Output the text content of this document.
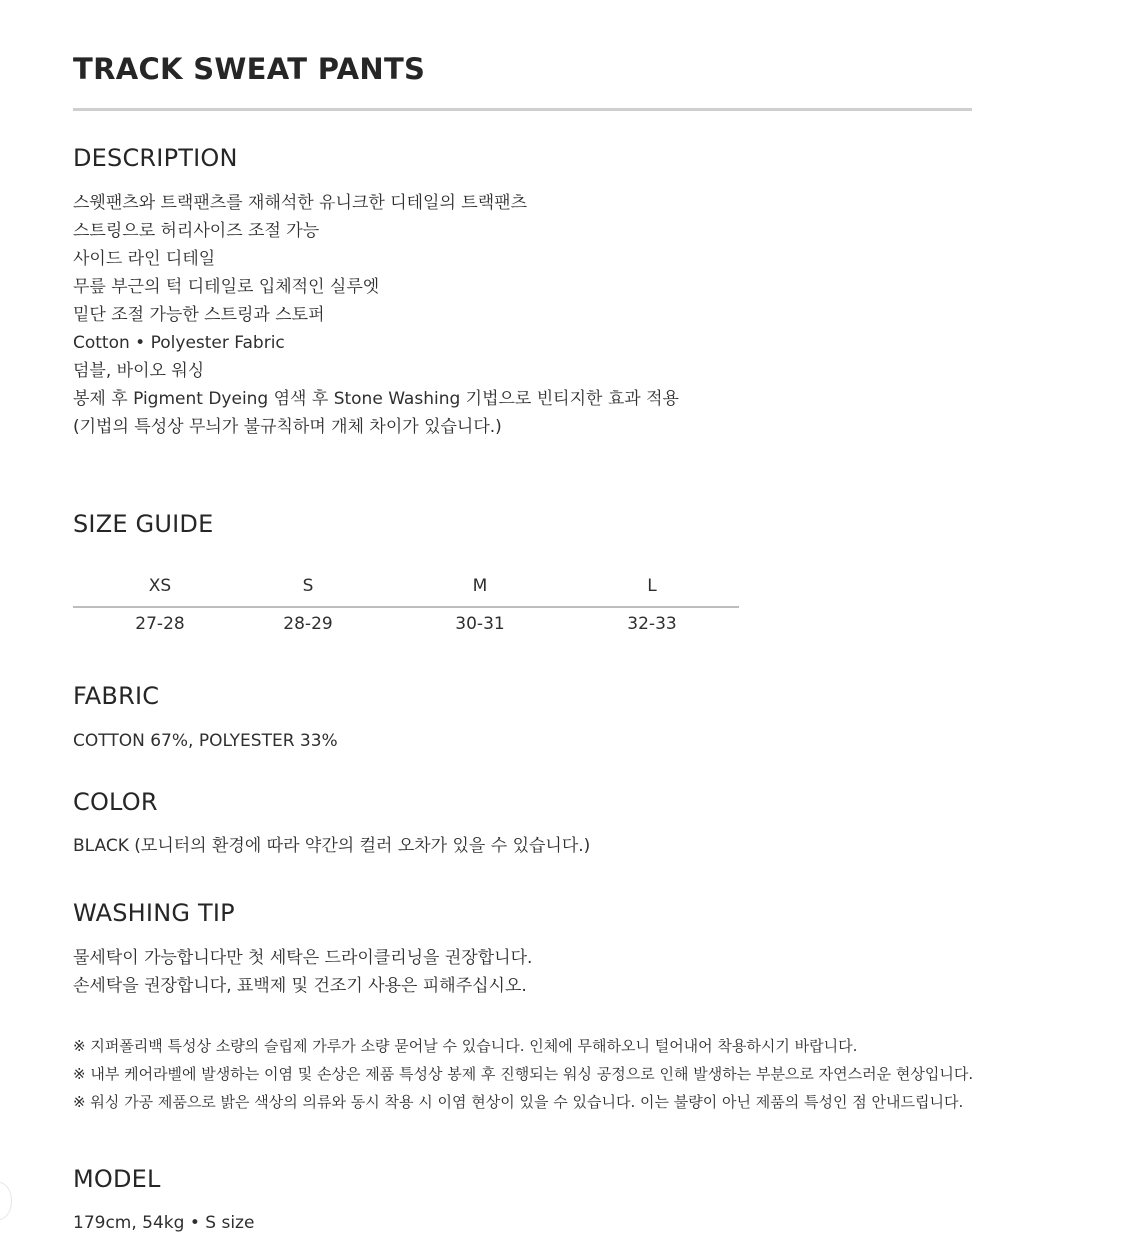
TRACK SWEAT PANTS
DESCRIPTION
스웻팬츠와 트랙팬츠를 재해석한 유니크한 디테일의 트랙팬츠
스트링으로 허리사이즈 조절 가능
사이드 라인 디테일
무릎 부근의 턱 디테일로 입체적인 실루엣
밑단 조절 가능한 스트링과 스토퍼
Cotton • Polyester Fabric
덤블, 바이오 워싱
봉제 후 Pigment Dyeing 염색 후 Stone Washing 기법으로 빈티지한 효과 적용
(기법의 특성상 무늬가 불규칙하며 개체 차이가 있습니다.)
SIZE GUIDE
XS	S	M	L
27-28	28-29	30-31	32-33
FABRIC

COTTON 67%, POLYESTER 33%

COLOR

BLACK (모니터의 환경에 따라 약간의 컬러 오차가 있을 수 있습니다.)

WASHING TIP
물세탁이 가능합니다만 첫 세탁은 드라이클리닝을 권장합니다.
손세탁을 권장합니다, 표백제 및 건조기 사용은 피해주십시오.
※ 지퍼폴리백 특성상 소량의 슬립제 가루가 소량 묻어날 수 있습니다. 인체에 무해하오니 털어내어 착용하시기 바랍니다.
※ 내부 케어라벨에 발생하는 이염 및 손상은 제품 특성상 봉제 후 진행되는 워싱 공정으로 인해 발생하는 부분으로 자연스러운 현상입니다.
※ 워싱 가공 제품으로 밝은 색상의 의류와 동시 착용 시 이염 현상이 있을 수 있습니다. 이는 불량이 아닌 제품의 특성인 점 안내드립니다.
MODEL

179cm, 54kg • S size
